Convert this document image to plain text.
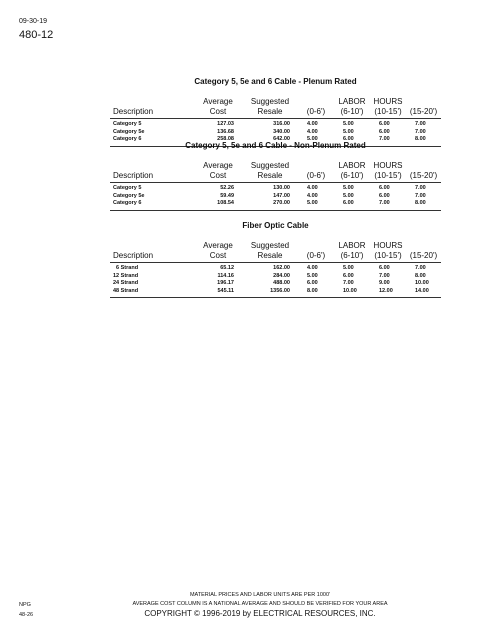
09-30-19
480-12
Category 5, 5e and 6 Cable - Plenum Rated
Average	Suggested	LABOR HOURS
Description	Cost	Resale	(0-6')	(6-10')	(10-15')	(15-20')
Category 5	127.03	316.00	4.00	5.00	6.00	7.00
Category 5e	136.68	340.00	4.00	5.00	6.00	7.00
Category 6	258.08	642.00	5.00	6.00	7.00	8.00
Category 5, 5e and 6 Cable - Non-Plenum Rated
Average	Suggested	LABOR HOURS
Description	Cost	Resale	(0-6')	(6-10')	(10-15')	(15-20')
Category 5	52.26	130.00	4.00	5.00	6.00	7.00
Category 5e	59.49	147.00	4.00	5.00	6.00	7.00
Category 6	108.54	270.00	5.00	6.00	7.00	8.00
Fiber Optic Cable
Average	Suggested	LABOR HOURS
Description	Cost	Resale	(0-6')	(6-10')	(10-15')	(15-20')
6 Strand	65.12	162.00	4.00	5.00	6.00	7.00
12 Strand	114.16	284.00	5.00	6.00	7.00	8.00
24 Strand	196.17	488.00	6.00	7.00	9.00	10.00
48 Strand	545.11	1356.00	8.00	10.00	12.00	14.00
NPG
48-26
MATERIAL PRICES AND LABOR UNITS ARE PER 1000'
AVERAGE COST COLUMN IS A NATIONAL AVERAGE AND SHOULD BE VERIFIED FOR YOUR AREA
COPYRIGHT © 1996-2019 by ELECTRICAL RESOURCES, INC.
